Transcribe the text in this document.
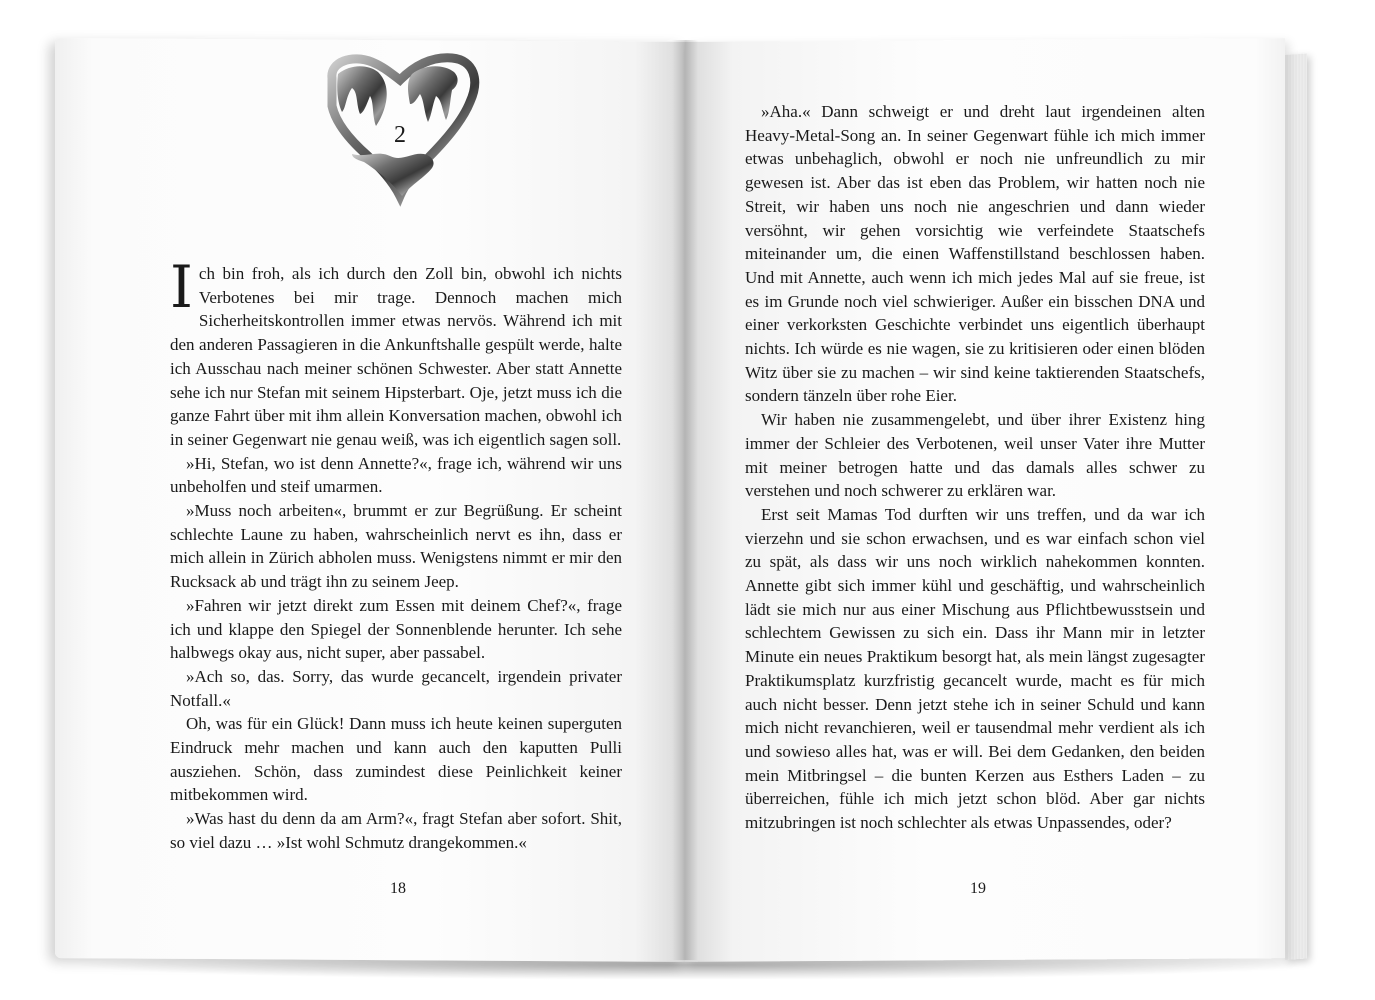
2

Ich bin froh, als ich durch den Zoll bin, obwohl ich nichts Verbotenes bei mir trage. Dennoch machen mich Sicherheitskontrollen immer etwas nervös. Während ich mit den anderen Passagieren in die Ankunftshalle gespült werde, halte ich Ausschau nach meiner schönen Schwester. Aber statt Annette sehe ich nur Stefan mit seinem Hipsterbart. Oje, jetzt muss ich die ganze Fahrt über mit ihm allein Konversation machen, obwohl ich in seiner Gegenwart nie genau weiß, was ich eigentlich sagen soll.

»Hi, Stefan, wo ist denn Annette?«, frage ich, während wir uns unbeholfen und steif umarmen.

»Muss noch arbeiten«, brummt er zur Begrüßung. Er scheint schlechte Laune zu haben, wahrscheinlich nervt es ihn, dass er mich allein in Zürich abholen muss. Wenigstens nimmt er mir den Rucksack ab und trägt ihn zu seinem Jeep.

»Fahren wir jetzt direkt zum Essen mit deinem Chef?«, frage ich und klappe den Spiegel der Sonnenblende herunter. Ich sehe halbwegs okay aus, nicht super, aber passabel.

»Ach so, das. Sorry, das wurde gecancelt, irgendein privater Notfall.«

Oh, was für ein Glück! Dann muss ich heute keinen superguten Eindruck mehr machen und kann auch den kaputten Pulli ausziehen. Schön, dass zumindest diese Peinlichkeit keiner mitbekommen wird.

»Was hast du denn da am Arm?«, fragt Stefan aber sofort. Shit, so viel dazu … »Ist wohl Schmutz drangekommen.«

»Aha.« Dann schweigt er und dreht laut irgendeinen alten Heavy-Metal-Song an. In seiner Gegenwart fühle ich mich immer etwas unbehaglich, obwohl er noch nie unfreundlich zu mir gewesen ist. Aber das ist eben das Problem, wir hatten noch nie Streit, wir haben uns noch nie angeschrien und dann wieder versöhnt, wir gehen vorsichtig wie verfeindete Staatschefs miteinander um, die einen Waffenstillstand beschlossen haben. Und mit Annette, auch wenn ich mich jedes Mal auf sie freue, ist es im Grunde noch viel schwieriger. Außer ein bisschen DNA und einer verkorksten Geschichte verbindet uns eigentlich überhaupt nichts. Ich würde es nie wagen, sie zu kritisieren oder einen blöden Witz über sie zu machen – wir sind keine taktierenden Staatschefs, sondern tänzeln über rohe Eier.

Wir haben nie zusammengelebt, und über ihrer Existenz hing immer der Schleier des Verbotenen, weil unser Vater ihre Mutter mit meiner betrogen hatte und das damals alles schwer zu verstehen und noch schwerer zu erklären war.

Erst seit Mamas Tod durften wir uns treffen, und da war ich vierzehn und sie schon erwachsen, und es war einfach schon viel zu spät, als dass wir uns noch wirklich nahekommen konnten. Annette gibt sich immer kühl und geschäftig, und wahrscheinlich lädt sie mich nur aus einer Mischung aus Pflichtbewusstsein und schlechtem Gewissen zu sich ein. Dass ihr Mann mir in letzter Minute ein neues Praktikum besorgt hat, als mein längst zugesagter Praktikumsplatz kurzfristig gecancelt wurde, macht es für mich auch nicht besser. Denn jetzt stehe ich in seiner Schuld und kann mich nicht revanchieren, weil er tausendmal mehr verdient als ich und sowieso alles hat, was er will. Bei dem Gedanken, den beiden mein Mitbringsel – die bunten Kerzen aus Esthers Laden – zu überreichen, fühle ich mich jetzt schon blöd. Aber gar nichts mitzubringen ist noch schlechter als etwas Unpassendes, oder?

18	19
